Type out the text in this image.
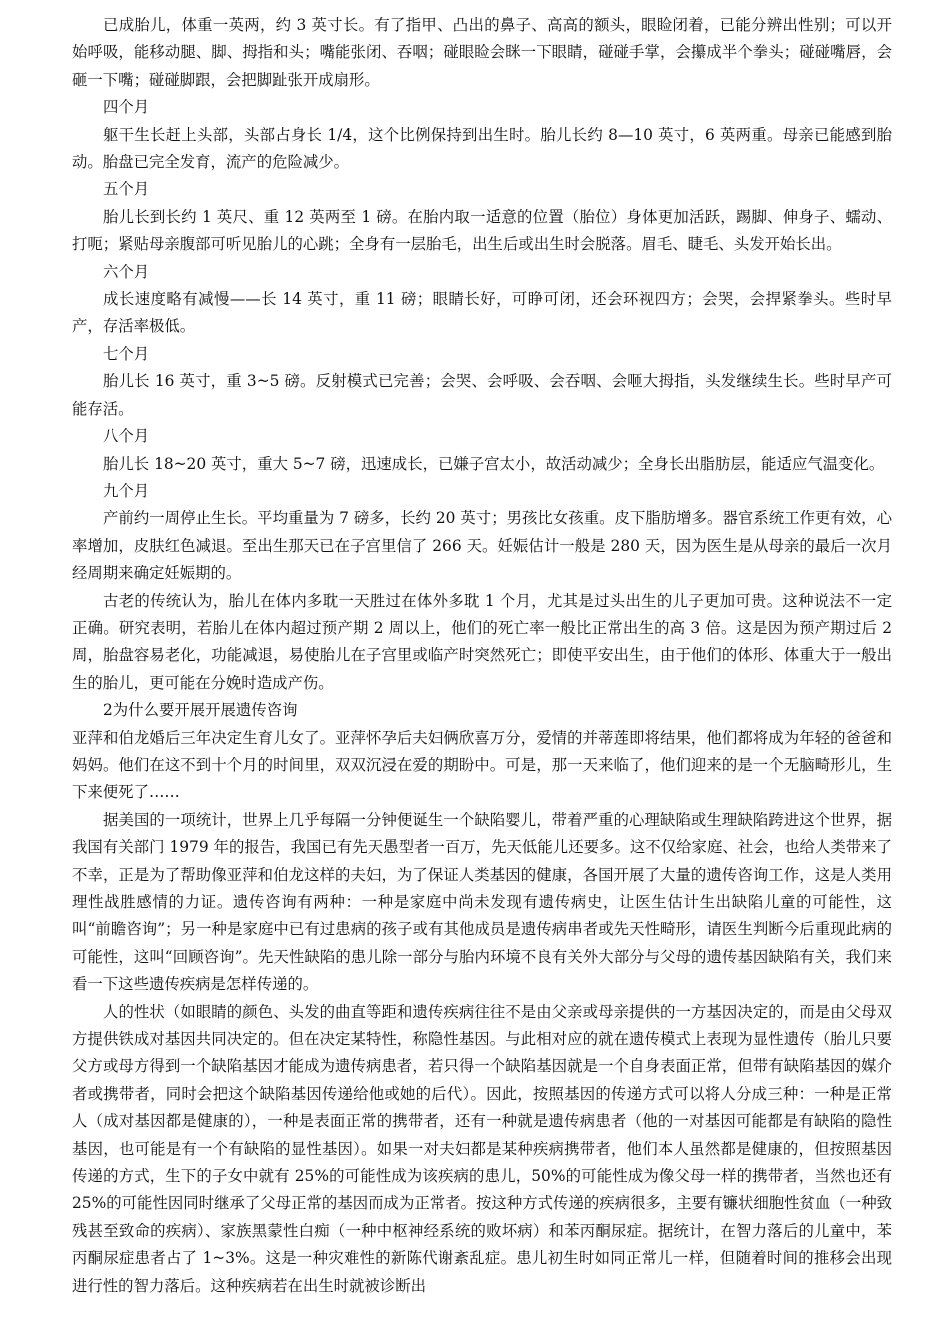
已成胎儿，体重一英两，约 3 英寸长。有了指甲、凸出的鼻子、高高的额头，眼睑闭着，已能分辨出性别；可以开始呼吸，能移动腿、脚、拇指和头；嘴能张闭、吞咽；碰眼睑会眯一下眼睛，碰碰手掌，会攥成半个拳头；碰碰嘴唇，会砸一下嘴；碰碰脚跟，会把脚趾张开成扇形。

四个月

躯干生长赶上头部，头部占身长 1/4，这个比例保持到出生时。胎儿长约 8—10 英寸，6 英两重。母亲已能感到胎动。胎盘已完全发育，流产的危险减少。

五个月

胎儿长到长约 1 英尺、重 12 英两至 1 磅。在胎内取一适意的位置（胎位）身体更加活跃，踢脚、伸身子、蠕动、打呃；紧贴母亲腹部可听见胎儿的心跳；全身有一层胎毛，出生后或出生时会脱落。眉毛、睫毛、头发开始长出。

六个月

成长速度略有减慢——长 14 英寸，重 11 磅；眼睛长好，可睁可闭，还会环视四方；会哭，会捍紧拳头。些时早产，存活率极低。

七个月

胎儿长 16 英寸，重 3~5 磅。反射模式已完善；会哭、会呼吸、会吞咽、会咂大拇指，头发继续生长。些时早产可能存活。

八个月

胎儿长 18~20 英寸，重大 5~7 磅，迅速成长，已嫌子宫太小，故活动减少；全身长出脂肪层，能适应气温变化。

九个月

产前约一周停止生长。平均重量为 7 磅多，长约 20 英寸；男孩比女孩重。皮下脂肪增多。器官系统工作更有效，心率增加，皮肤红色减退。至出生那天已在子宫里信了 266 天。妊娠估计一般是 280 天，因为医生是从母亲的最后一次月经周期来确定妊娠期的。

古老的传统认为，胎儿在体内多耽一天胜过在体外多耽 1 个月，尤其是过头出生的儿子更加可贵。这种说法不一定正确。研究表明，若胎儿在体内超过预产期 2 周以上，他们的死亡率一般比正常出生的高 3 倍。这是因为预产期过后 2 周，胎盘容易老化，功能减退，易使胎儿在子宫里或临产时突然死亡；即使平安出生，由于他们的体形、体重大于一般出生的胎儿，更可能在分娩时造成产伤。

2为什么要开展开展遗传咨询

亚萍和伯龙婚后三年决定生育儿女了。亚萍怀孕后夫妇俩欣喜万分，爱情的并蒂莲即将结果，他们都将成为年轻的爸爸和妈妈。他们在这不到十个月的时间里，双双沉浸在爱的期盼中。可是，那一天来临了，他们迎来的是一个无脑畸形儿，生下来便死了……

据美国的一项统计，世界上几乎每隔一分钟便诞生一个缺陷婴儿，带着严重的心理缺陷或生理缺陷跨进这个世界，据我国有关部门 1979 年的报告，我国已有先天愚型者一百万，先天低能儿还要多。这不仅给家庭、社会，也给人类带来了不幸，正是为了帮助像亚萍和伯龙这样的夫妇，为了保证人类基因的健康，各国开展了大量的遗传咨询工作，这是人类用理性战胜感情的力证。遗传咨询有两种：一种是家庭中尚未发现有遗传病史，让医生估计生出缺陷儿童的可能性，这叫“前瞻咨询”；另一种是家庭中已有过患病的孩子或有其他成员是遗传病串者或先天性畸形，请医生判断今后重现此病的可能性，这叫“回顾咨询”。先天性缺陷的患儿除一部分与胎内环境不良有关外大部分与父母的遗传基因缺陷有关，我们来看一下这些遗传疾病是怎样传递的。

人的性状（如眼睛的颜色、头发的曲直等距和遗传疾病往往不是由父亲或母亲提供的一方基因决定的，而是由父母双方提供铁成对基因共同决定的。但在决定某特性，称隐性基因。与此相对应的就在遗传模式上表现为显性遗传（胎儿只要父方或母方得到一个缺陷基因才能成为遗传病患者，若只得一个缺陷基因就是一个自身表面正常，但带有缺陷基因的媒介者或携带者，同时会把这个缺陷基因传递给他或她的后代）。因此，按照基因的传递方式可以将人分成三种：一种是正常人（成对基因都是健康的），一种是表面正常的携带者，还有一种就是遗传病患者（他的一对基因可能都是有缺陷的隐性基因，也可能是有一个有缺陷的显性基因）。如果一对夫妇都是某种疾病携带者，他们本人虽然都是健康的，但按照基因传递的方式，生下的子女中就有 25%的可能性成为该疾病的患儿，50%的可能性成为像父母一样的携带者，当然也还有 25%的可能性因同时继承了父母正常的基因而成为正常者。按这种方式传递的疾病很多，主要有镰状细胞性贫血（一种致残甚至致命的疾病）、家族黑蒙性白痴（一种中枢神经系统的败坏病）和苯丙酮尿症。据统计，在智力落后的儿童中，苯丙酮尿症患者占了 1~3%。这是一种灾难性的新陈代谢紊乱症。患儿初生时如同正常儿一样，但随着时间的推移会出现进行性的智力落后。这种疾病若在出生时就被诊断出
